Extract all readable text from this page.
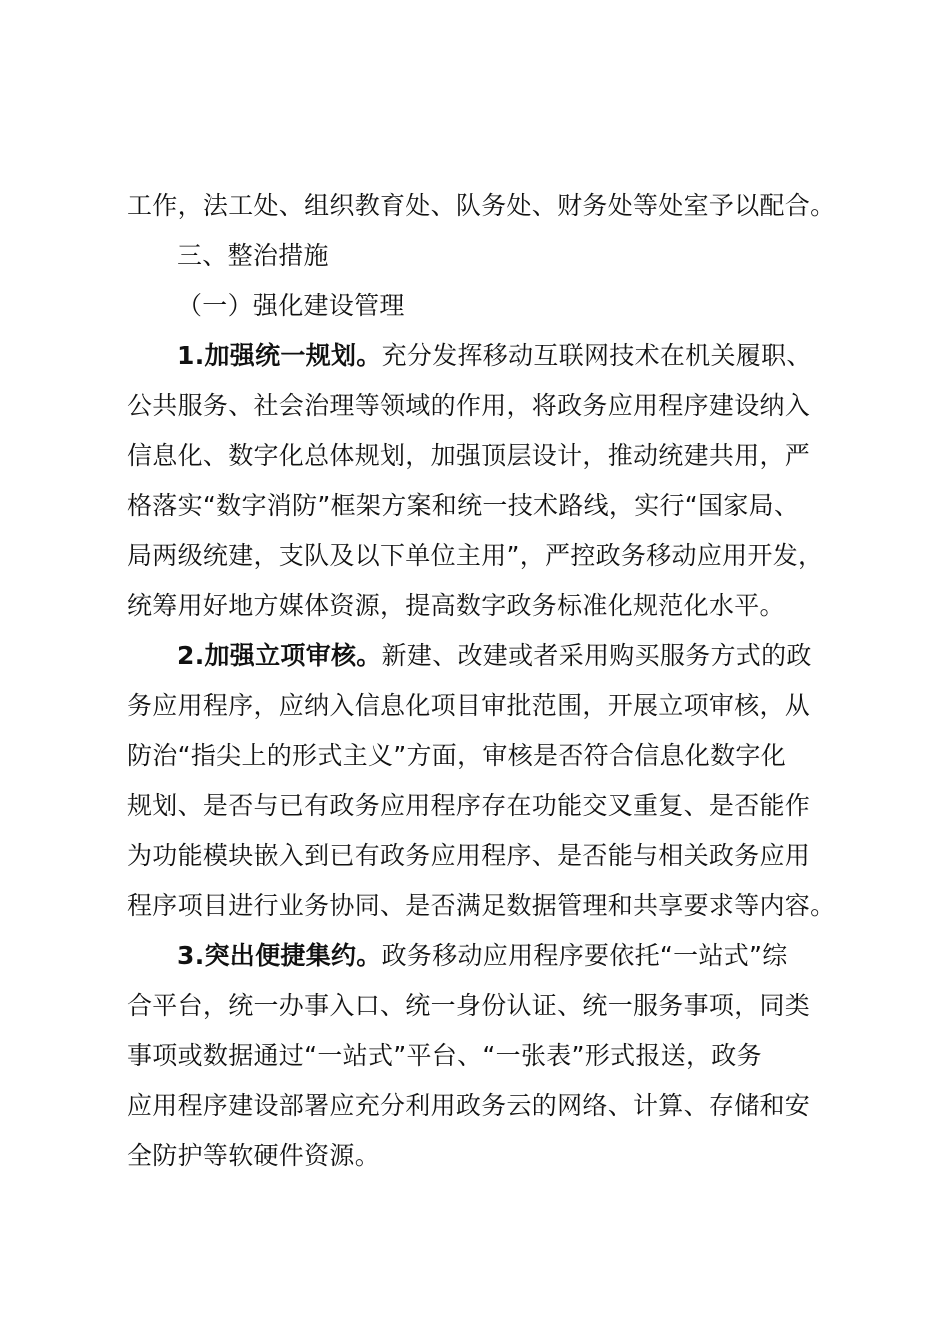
工作，法工处、组织教育处、队务处、财务处等处室予以配合。
三、整治措施
（一）强化建设管理
1.加强统一规划。充分发挥移动互联网技术在机关履职、
公共服务、社会治理等领域的作用，将政务应用程序建设纳入
信息化、数字化总体规划，加强顶层设计，推动统建共用，严
格落实“数字消防”框架方案和统一技术路线，实行“国家局、
局两级统建，支队及以下单位主用”，严控政务移动应用开发，
统筹用好地方媒体资源，提高数字政务标准化规范化水平。
2.加强立项审核。新建、改建或者采用购买服务方式的政
务应用程序，应纳入信息化项目审批范围，开展立项审核，从
防治“指尖上的形式主义”方面，审核是否符合信息化数字化
规划、是否与已有政务应用程序存在功能交叉重复、是否能作
为功能模块嵌入到已有政务应用程序、是否能与相关政务应用
程序项目进行业务协同、是否满足数据管理和共享要求等内容。
3.突出便捷集约。政务移动应用程序要依托“一站式”综
合平台，统一办事入口、统一身份认证、统一服务事项，同类
事项或数据通过“一站式”平台、“一张表”形式报送，政务
应用程序建设部署应充分利用政务云的网络、计算、存储和安
全防护等软硬件资源。
